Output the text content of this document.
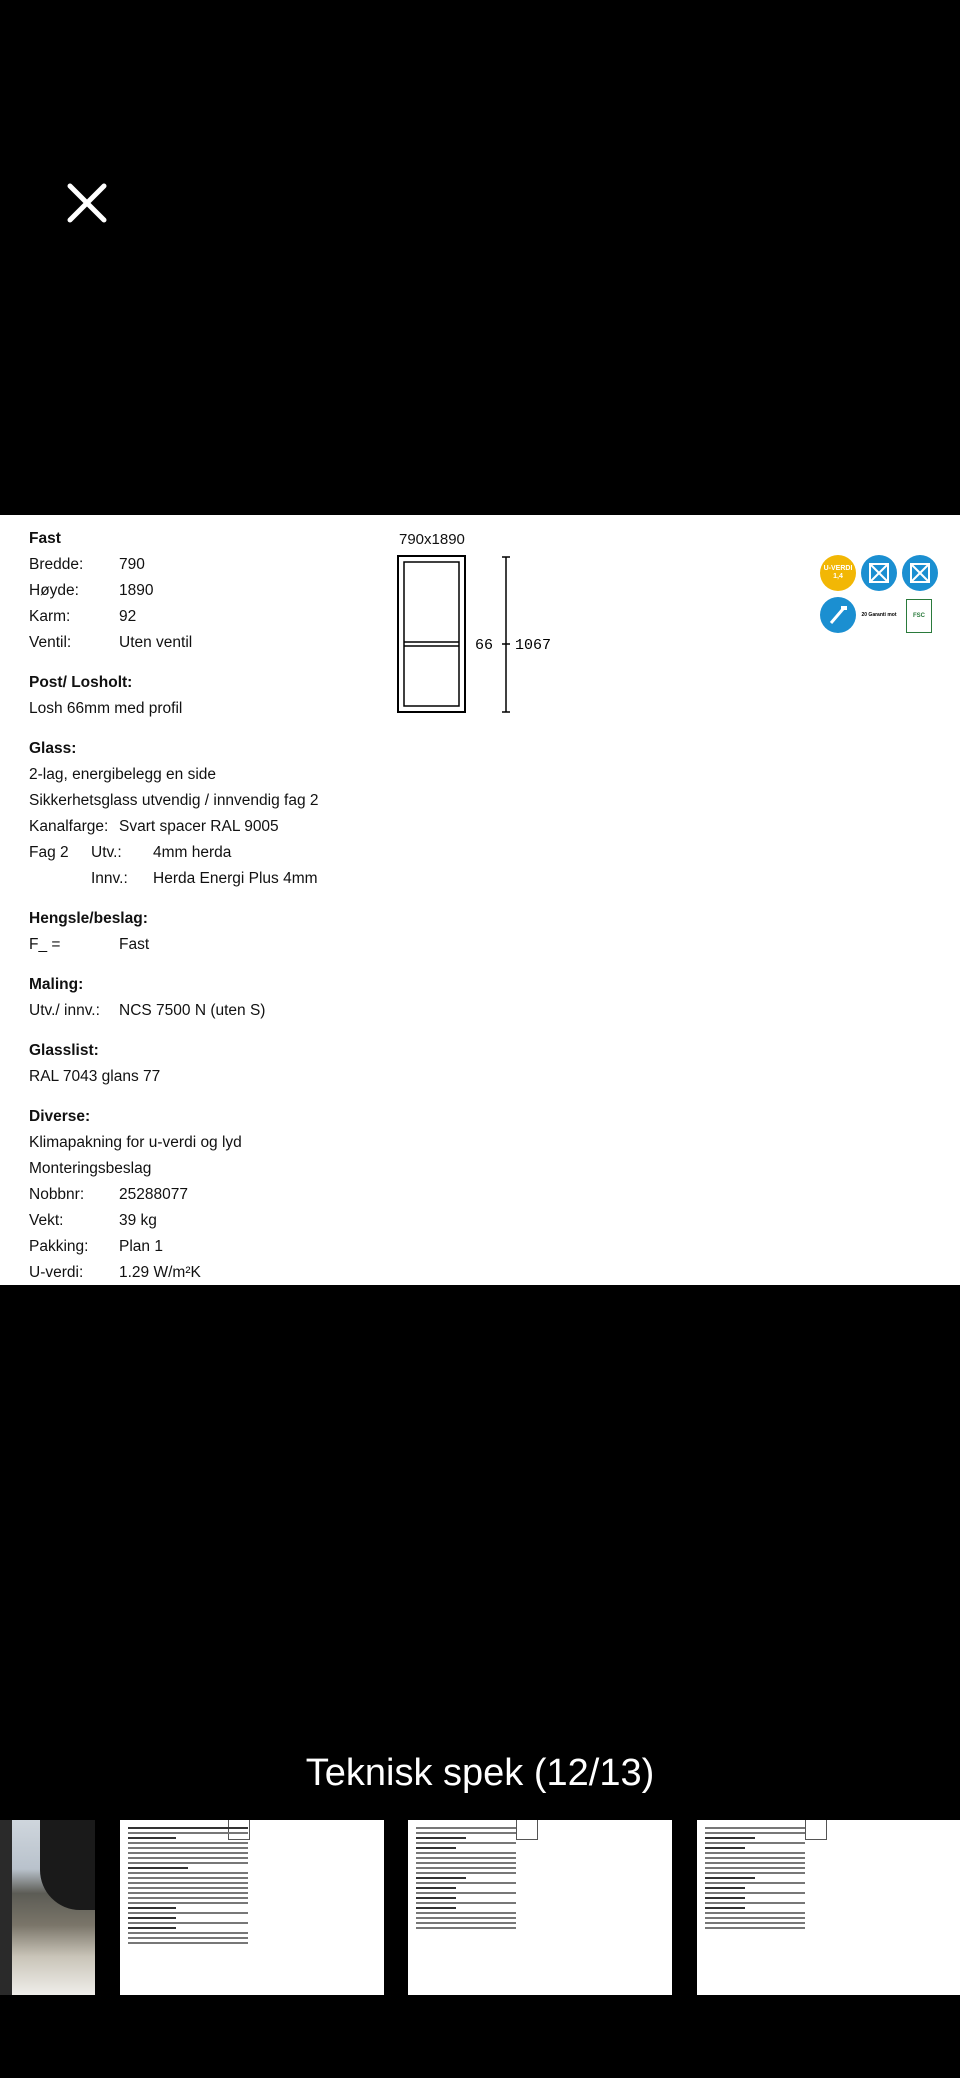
Fast
Bredde:	790
Høyde:	1890
Karm:	92
Ventil:	Uten ventil
Post/ Losholt:
Losh 66mm med profil
Glass:
2-lag, energibelegg en side
Sikkerhetsglass utvendig / innvendig fag 2
Kanalfarge: Svart spacer RAL 9005
Fag 2	Utv.:	4mm herda
Innv.:	Herda Energi Plus 4mm
Hengsle/beslag:
F_ =	Fast
Maling:
Utv./ innv.:	NCS 7500 N (uten S)
Glasslist:
RAL 7043 glans 77
Diverse:
Klimapakning for u-verdi og lyd
Monteringsbeslag
Nobbnr:	25288077
Vekt:	39 kg
Pakking:	Plan 1
U-verdi:	1.29 W/m²K
790x1890
66 1067
U-VERDI 1,4
20 Garanti mot	FSC
Teknisk spek (12/13)
